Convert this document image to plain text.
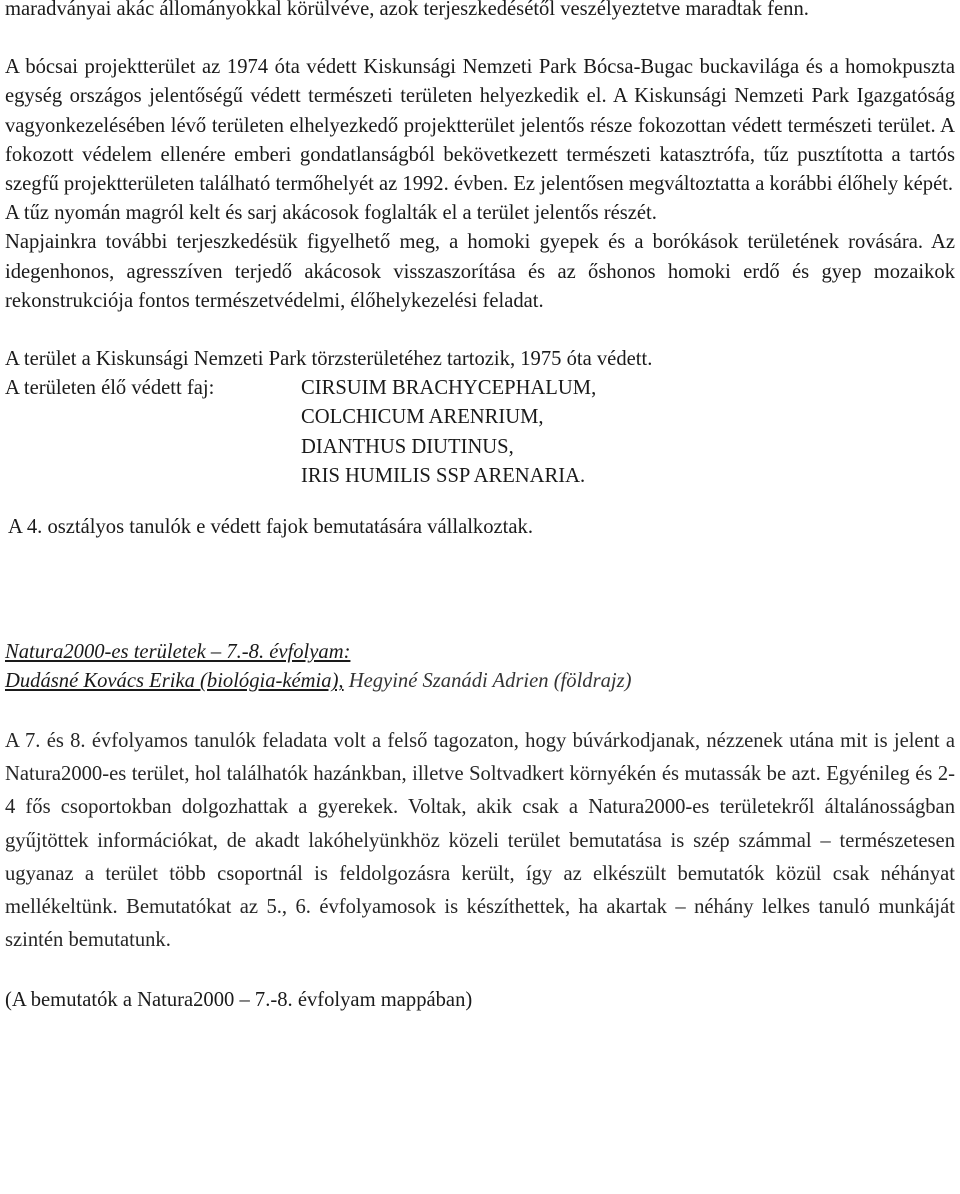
maradványai akác állományokkal körülvéve, azok terjeszkedésétől veszélyeztetve maradtak fenn.

A bócsai projektterület az 1974 óta védett Kiskunsági Nemzeti Park Bócsa-Bugac buckavilága és a homokpuszta egység országos jelentőségű védett természeti területen helyezkedik el. A Kiskunsági Nemzeti Park Igazgatóság vagyonkezelésében lévő területen elhelyezkedő projektterület jelentős része fokozottan védett természeti terület. A fokozott védelem ellenére emberi gondatlanságból bekövetkezett természeti katasztrófa, tűz pusztította a tartós szegfű projektterületen található termőhelyét az 1992. évben. Ez jelentősen megváltoztatta a korábbi élőhely képét.

A tűz nyomán magról kelt és sarj akácosok foglalták el a terület jelentős részét.

Napjainkra további terjeszkedésük figyelhető meg, a homoki gyepek és a borókások területének rovására. Az idegenhonos, agresszíven terjedő akácosok visszaszorítása és az őshonos homoki erdő és gyep mozaikok rekonstrukciója fontos természetvédelmi, élőhelykezelési feladat.

A terület a Kiskunsági Nemzeti Park törzsterületéhez tartozik, 1975 óta védett.

A területen élő védett faj:	CIRSUIM BRACHYCEPHALUM,
COLCHICUM ARENRIUM,
DIANTHUS DIUTINUS,
IRIS HUMILIS SSP ARENARIA.
A 4. osztályos tanulók e védett fajok bemutatására vállalkoztak.
Natura2000-es területek – 7.-8. évfolyam:
Dudásné Kovács Erika (biológia-kémia), Hegyiné Szanádi Adrien (földrajz)

A 7. és 8. évfolyamos tanulók feladata volt a felső tagozaton, hogy búvárkodjanak, nézzenek utána mit is jelent a Natura2000-es terület, hol találhatók hazánkban, illetve Soltvadkert környékén és mutassák be azt. Egyénileg és 2-4 fős csoportokban dolgozhattak a gyerekek. Voltak, akik csak a Natura2000-es területekről általánosságban gyűjtöttek információkat, de akadt lakóhelyünkhöz közeli terület bemutatása is szép számmal – természetesen ugyanaz a terület több csoportnál is feldolgozásra került, így az elkészült bemutatók közül csak néhányat mellékeltünk. Bemutatókat az 5., 6. évfolyamosok is készíthettek, ha akartak – néhány lelkes tanuló munkáját szintén bemutatunk.

(A bemutatók a Natura2000 – 7.-8. évfolyam mappában)
